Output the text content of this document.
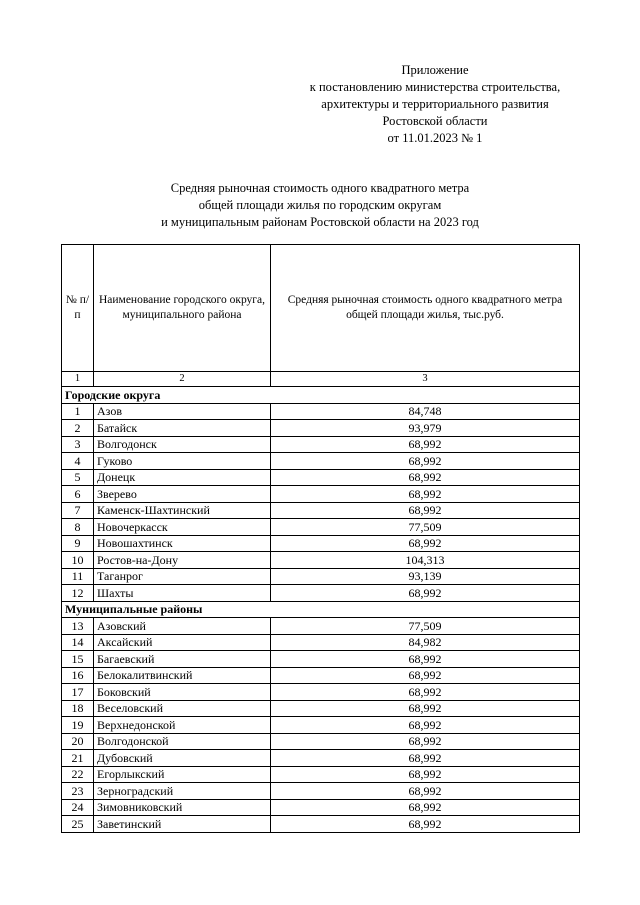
Приложение
к постановлению министерства строительства,
архитектуры и территориального развития
Ростовской области
от 11.01.2023 № 1
Средняя рыночная стоимость одного квадратного метра
общей площади жилья по городским округам
и муниципальным районам Ростовской области на 2023 год
№ п/п	Наименование городского округа, муниципального района	Средняя рыночная стоимость одного квадратного метра общей площади жилья, тыс.руб.
1	2	3
Городские округа		
1	Азов	84,748
2	Батайск	93,979
3	Волгодонск	68,992
4	Гуково	68,992
5	Донецк	68,992
6	Зверево	68,992
7	Каменск-Шахтинский	68,992
8	Новочеркасск	77,509
9	Новошахтинск	68,992
10	Ростов-на-Дону	104,313
11	Таганрог	93,139
12	Шахты	68,992
Муниципальные районы		
13	Азовский	77,509
14	Аксайский	84,982
15	Багаевский	68,992
16	Белокалитвинский	68,992
17	Боковский	68,992
18	Веселовский	68,992
19	Верхнедонской	68,992
20	Волгодонской	68,992
21	Дубовский	68,992
22	Егорлыкский	68,992
23	Зерноградский	68,992
24	Зимовниковский	68,992
25	Заветинский	68,992
